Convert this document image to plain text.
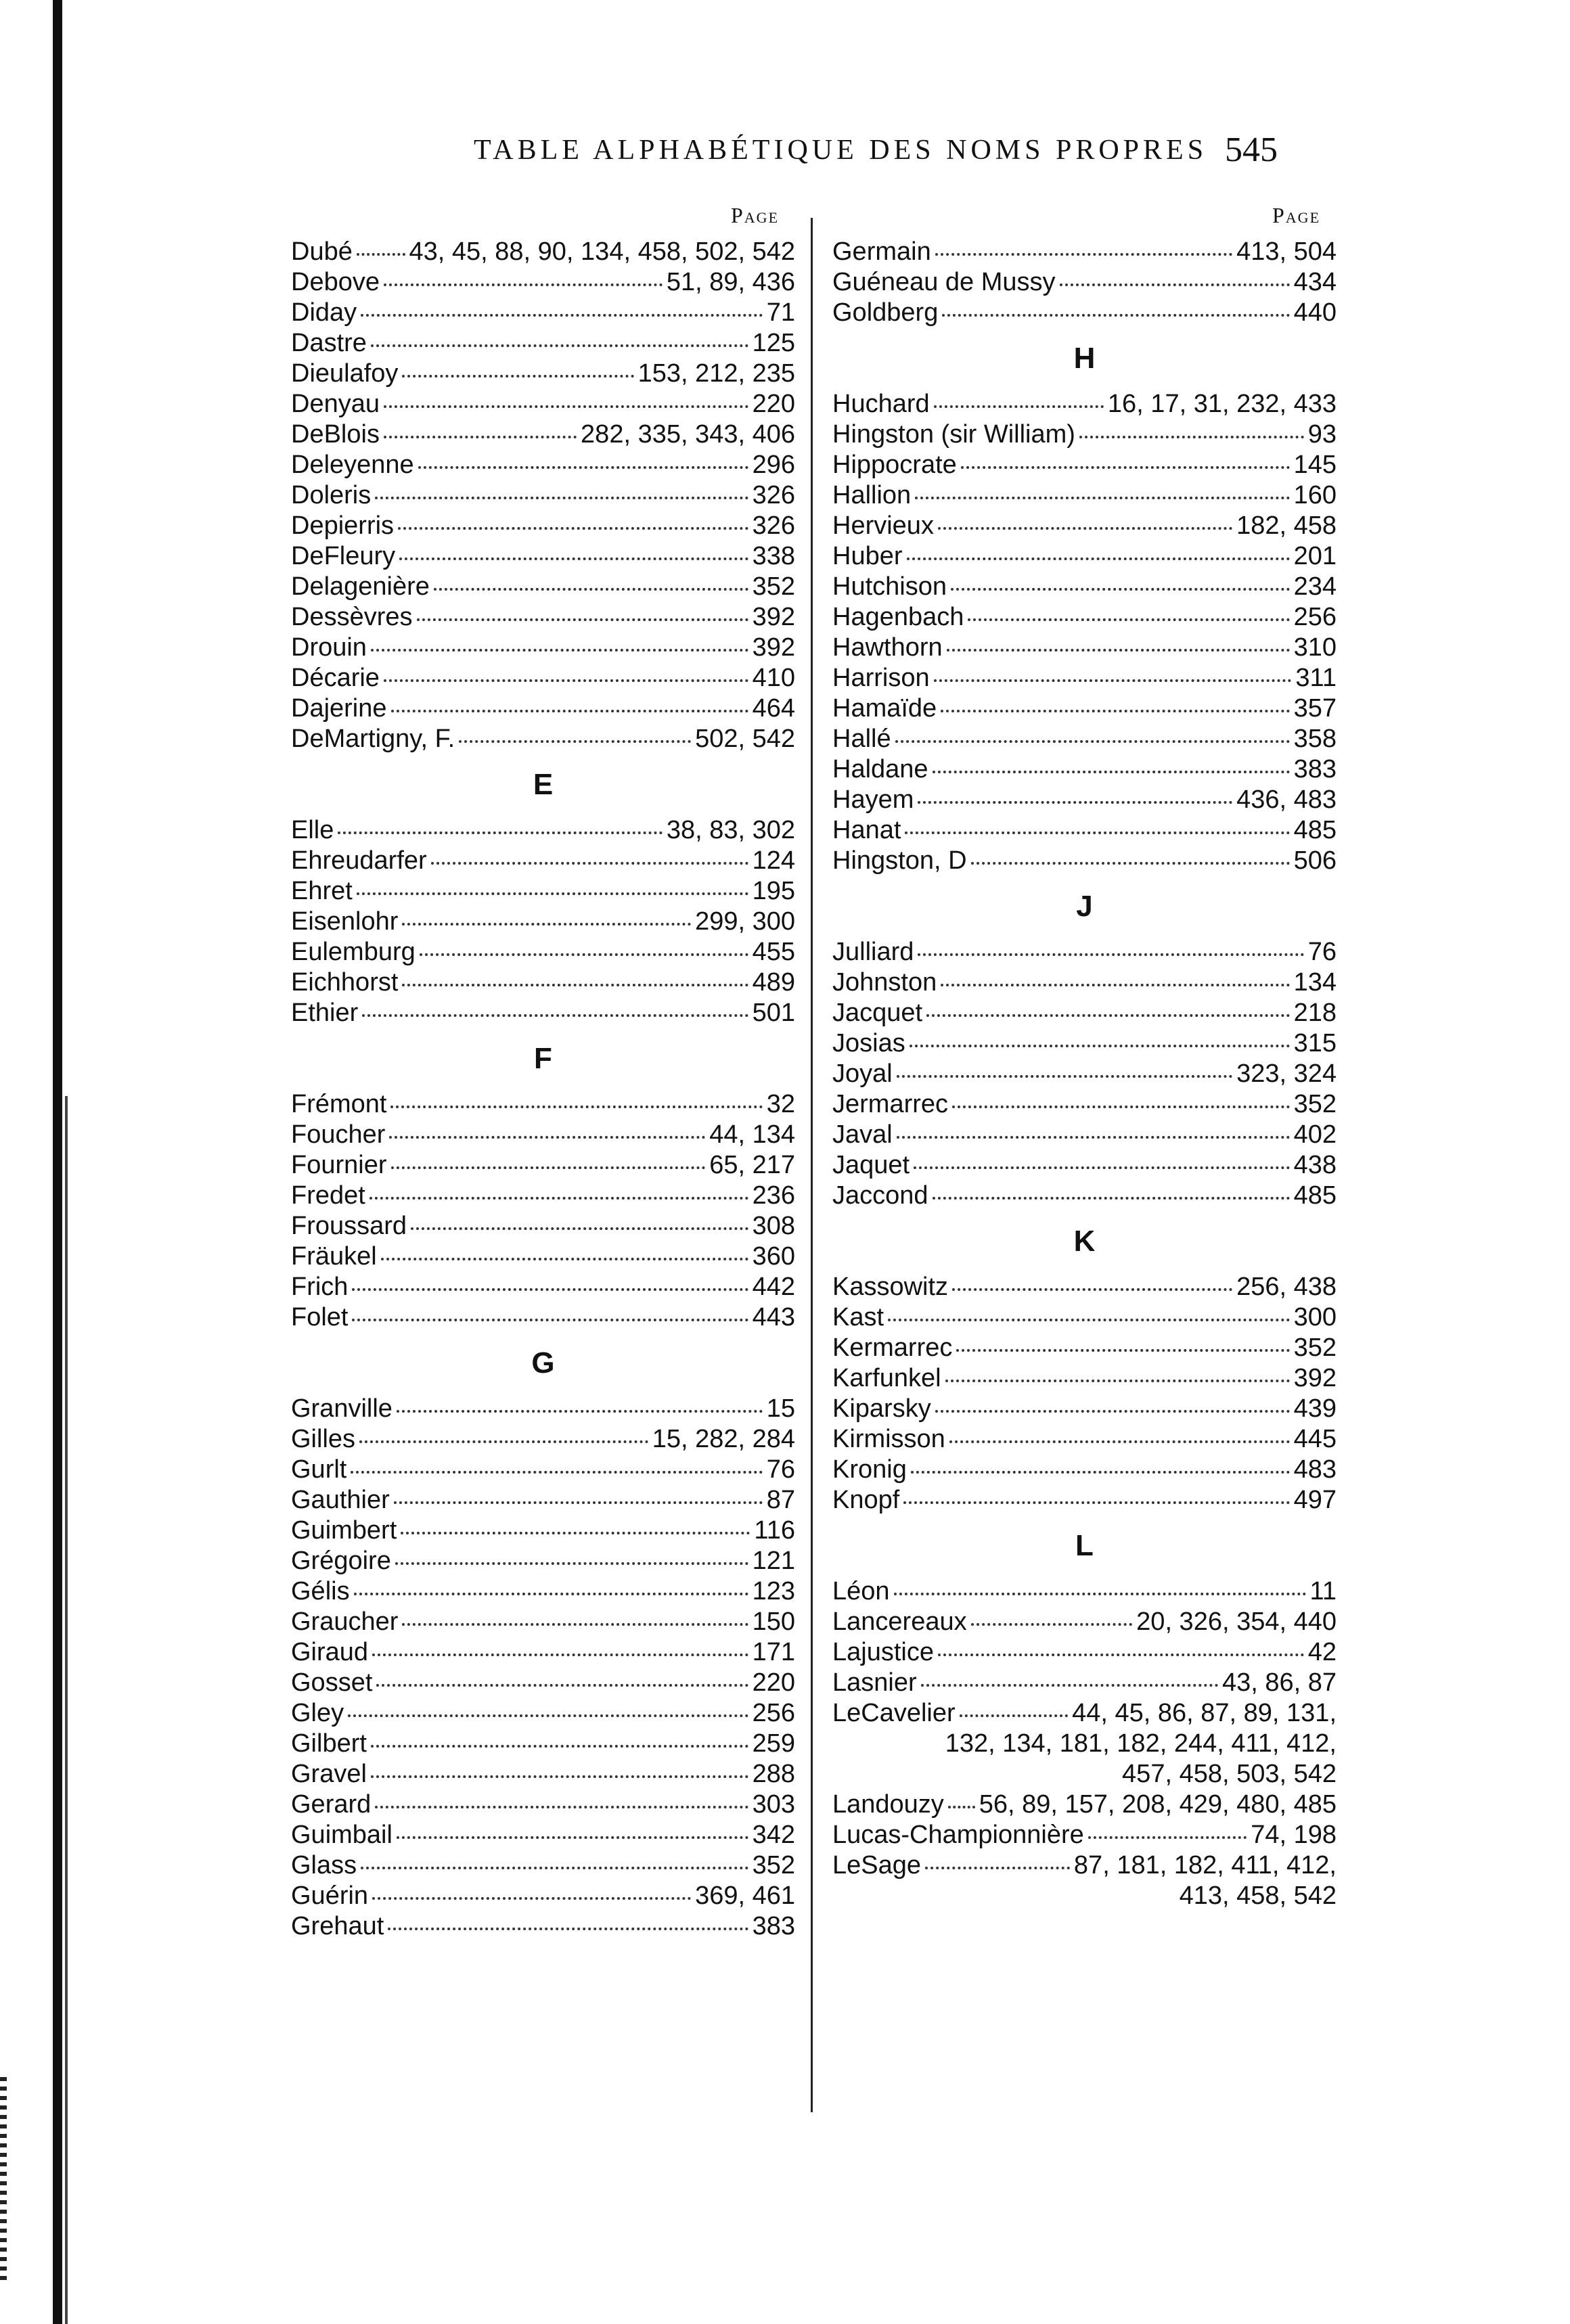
TABLE ALPHABÉTIQUE DES NOMS PROPRES 545
Page	Page
Dubé 43, 45, 88, 90, 134, 458, 502, 542
Debove	51, 89, 436
Diday	71
Dastre	125
Dieulafoy	153, 212, 235
Denyau	220
DeBlois	282, 335, 343, 406
Deleyenne	296
Doleris	326
Depierris	326
DeFleury	338
Delagenière	352
Dessèvres	392
Drouin	392
Décarie	410
Dajerine	464
DeMartigny, F.	502, 542
E
Elle	38, 83, 302
Ehreudarfer	124
Ehret	195
Eisenlohr	299, 300
Eulemburg	455
Eichhorst	489
Ethier	501
F
Frémont	32
Foucher	44, 134
Fournier	65, 217
Fredet	236
Froussard	308
Fräukel	360
Frich	442
Folet	443
G
Granville	15
Gilles	15, 282, 284
Gurlt	76
Gauthier	87
Guimbert	116
Grégoire	121
Gélis	123
Graucher	150
Giraud	171
Gosset	220
Gley	256
Gilbert	259
Gravel	288
Gerard	303
Guimbail	342
Glass	352
Guérin	369, 461
Grehaut	383
Germain	413, 504
Guéneau de Mussy	434
Goldberg	440
H
Huchard	16, 17, 31, 232, 433
Hingston (sir William)	93
Hippocrate	145
Hallion	160
Hervieux	182, 458
Huber	201
Hutchison	234
Hagenbach	256
Hawthorn	310
Harrison	311
Hamaïde	357
Hallé	358
Haldane	383
Hayem	436, 483
Hanat	485
Hingston, D	506
J
Julliard	76
Johnston	134
Jacquet	218
Josias	315
Joyal	323, 324
Jermarrec	352
Javal	402
Jaquet	438
Jaccond	485
K
Kassowitz	256, 438
Kast	300
Kermarrec	352
Karfunkel	392
Kiparsky	439
Kirmisson	445
Kronig	483
Knopf	497
L
Léon	11
Lancereaux	20, 326, 354, 440
Lajustice	42
Lasnier	43, 86, 87
LeCavelier	44, 45, 86, 87, 89, 131,
132, 134, 181, 182, 244, 411, 412,
457, 458, 503, 542
Landouzy 56, 89, 157, 208, 429, 480, 485
Lucas-Championnière	74, 198
LeSage	87, 181, 182, 411, 412,
413, 458, 542
